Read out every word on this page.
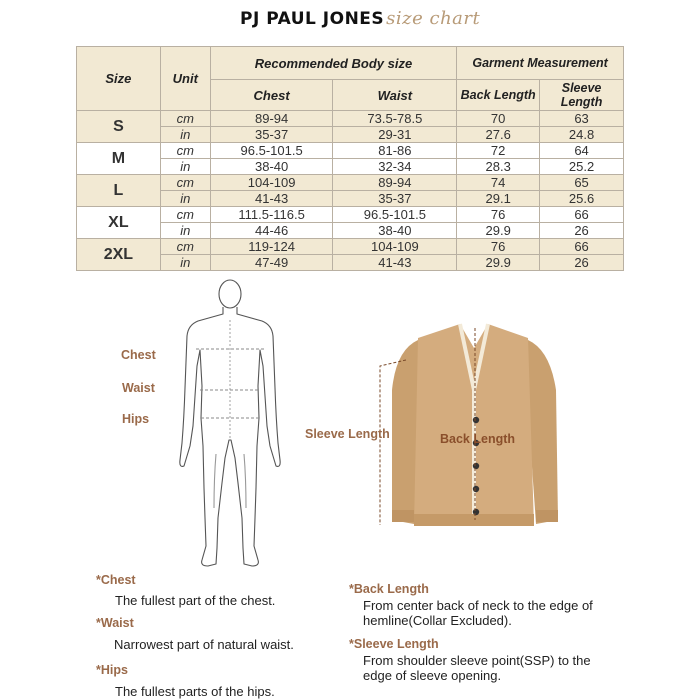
PJ PAUL JONES size chart
Size	Unit	Recommended Body size		Garment Measurement	
		Chest	Waist	Back Length	Sleeve Length
S	cm	89-94	73.5-78.5	70	63
	in	35-37	29-31	27.6	24.8
M	cm	96.5-101.5	81-86	72	64
	in	38-40	32-34	28.3	25.2
L	cm	104-109	89-94	74	65
	in	41-43	35-37	29.1	25.6
XL	cm	111.5-116.5	96.5-101.5	76	66
	in	44-46	38-40	29.9	26
2XL	cm	119-124	104-109	76	66
	in	47-49	41-43	29.9	26
Chest
Waist
Hips
Sleeve Length	Back Length
*Chest
The fullest part of the chest.
*Waist
Narrowest part of natural waist.
*Hips
The fullest parts of the hips.
*Back Length
From center back of neck to the edge of
hemline(Collar Excluded).
*Sleeve Length
From shoulder sleeve point(SSP) to the
edge of sleeve opening.
